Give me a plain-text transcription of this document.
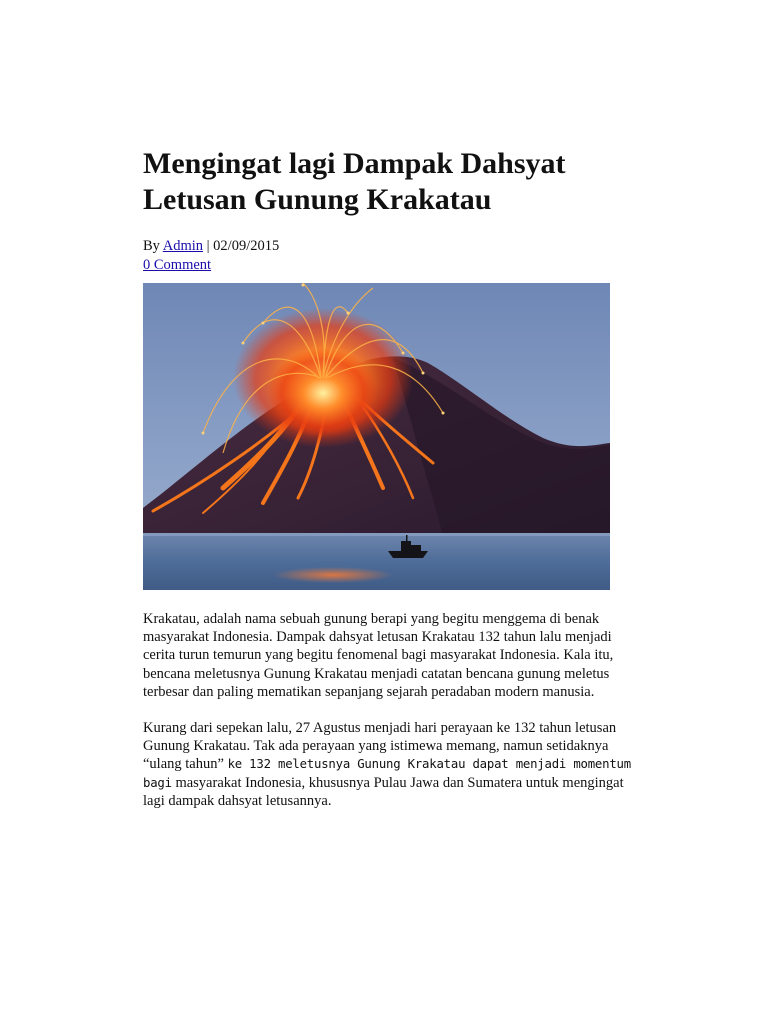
Mengingat lagi Dampak Dahsyat
Letusan Gunung Krakatau
By Admin | 02/09/2015
0 Comment

Krakatau, adalah nama sebuah gunung berapi yang begitu menggema di benak masyarakat Indonesia. Dampak dahsyat letusan Krakatau 132 tahun lalu menjadi cerita turun temurun yang begitu fenomenal bagi masyarakat Indonesia. Kala itu, bencana meletusnya Gunung Krakatau menjadi catatan bencana gunung meletus terbesar dan paling mematikan sepanjang sejarah peradaban modern manusia.

Kurang dari sepekan lalu, 27 Agustus menjadi hari perayaan ke 132 tahun letusan Gunung Krakatau. Tak ada perayaan yang istimewa memang, namun setidaknya “ulang tahun” ke 132 meletusnya Gunung Krakatau dapat menjadi momentum bagi masyarakat Indonesia, khususnya Pulau Jawa dan Sumatera untuk mengingat lagi dampak dahsyat letusannya.
